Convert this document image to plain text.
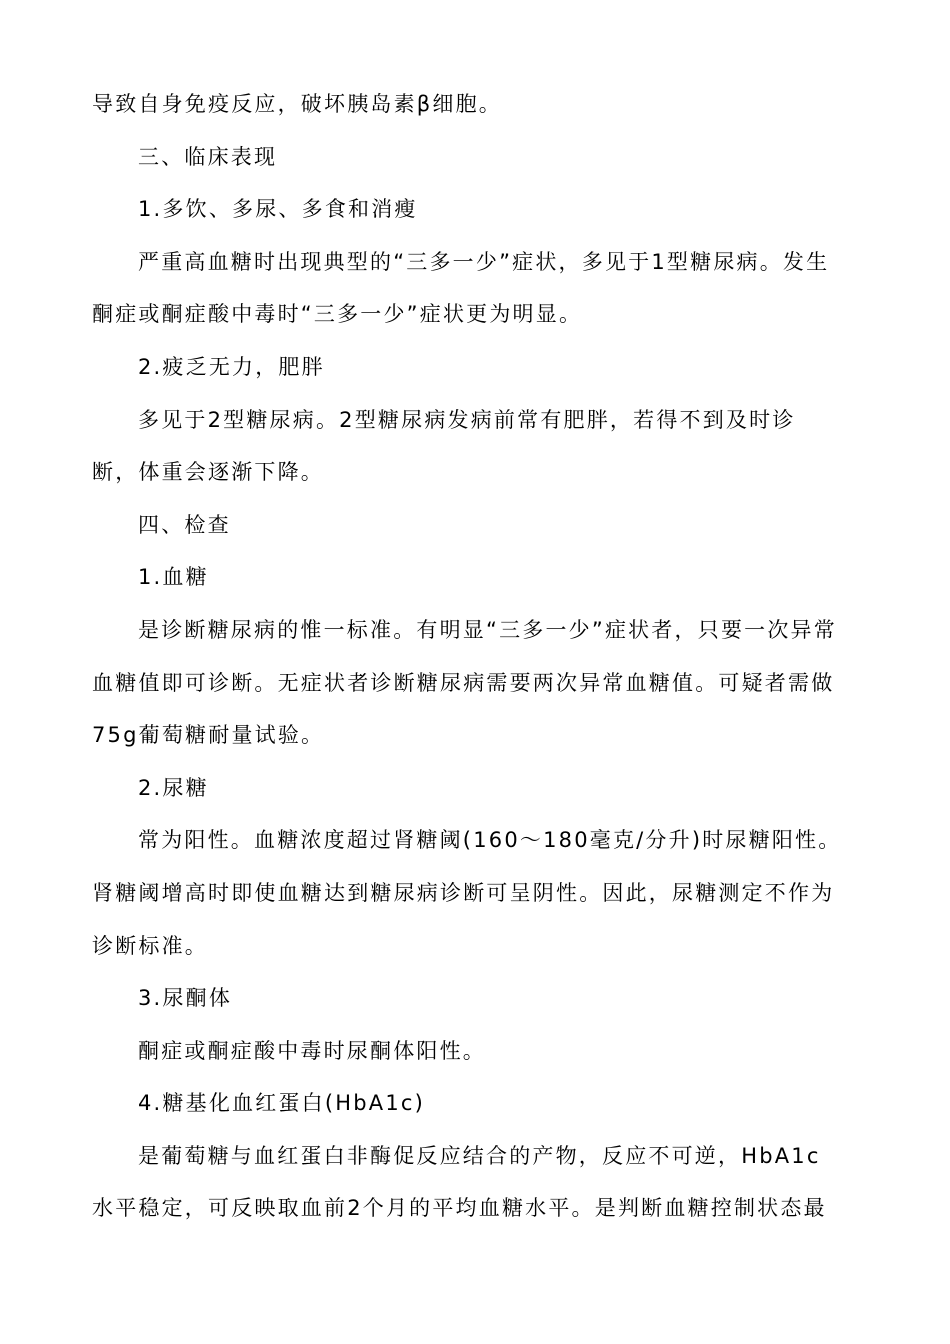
导致自身免疫反应，破坏胰岛素β细胞。

三、临床表现

1.多饮、多尿、多食和消瘦

严重高血糖时出现典型的“三多一少”症状，多见于1型糖尿病。发生

酮症或酮症酸中毒时“三多一少”症状更为明显。

2.疲乏无力，肥胖

多见于2型糖尿病。2型糖尿病发病前常有肥胖，若得不到及时诊

断，体重会逐渐下降。

四、检查

1.血糖

是诊断糖尿病的惟一标准。有明显“三多一少”症状者，只要一次异常

血糖值即可诊断。无症状者诊断糖尿病需要两次异常血糖值。可疑者需做

75g葡萄糖耐量试验。

2.尿糖

常为阳性。血糖浓度超过肾糖阈(160～180毫克/分升)时尿糖阳性。

肾糖阈增高时即使血糖达到糖尿病诊断可呈阴性。因此，尿糖测定不作为

诊断标准。

3.尿酮体

酮症或酮症酸中毒时尿酮体阳性。

4.糖基化血红蛋白(HbA1c)

是葡萄糖与血红蛋白非酶促反应结合的产物，反应不可逆，HbA1c

水平稳定，可反映取血前2个月的平均血糖水平。是判断血糖控制状态最
